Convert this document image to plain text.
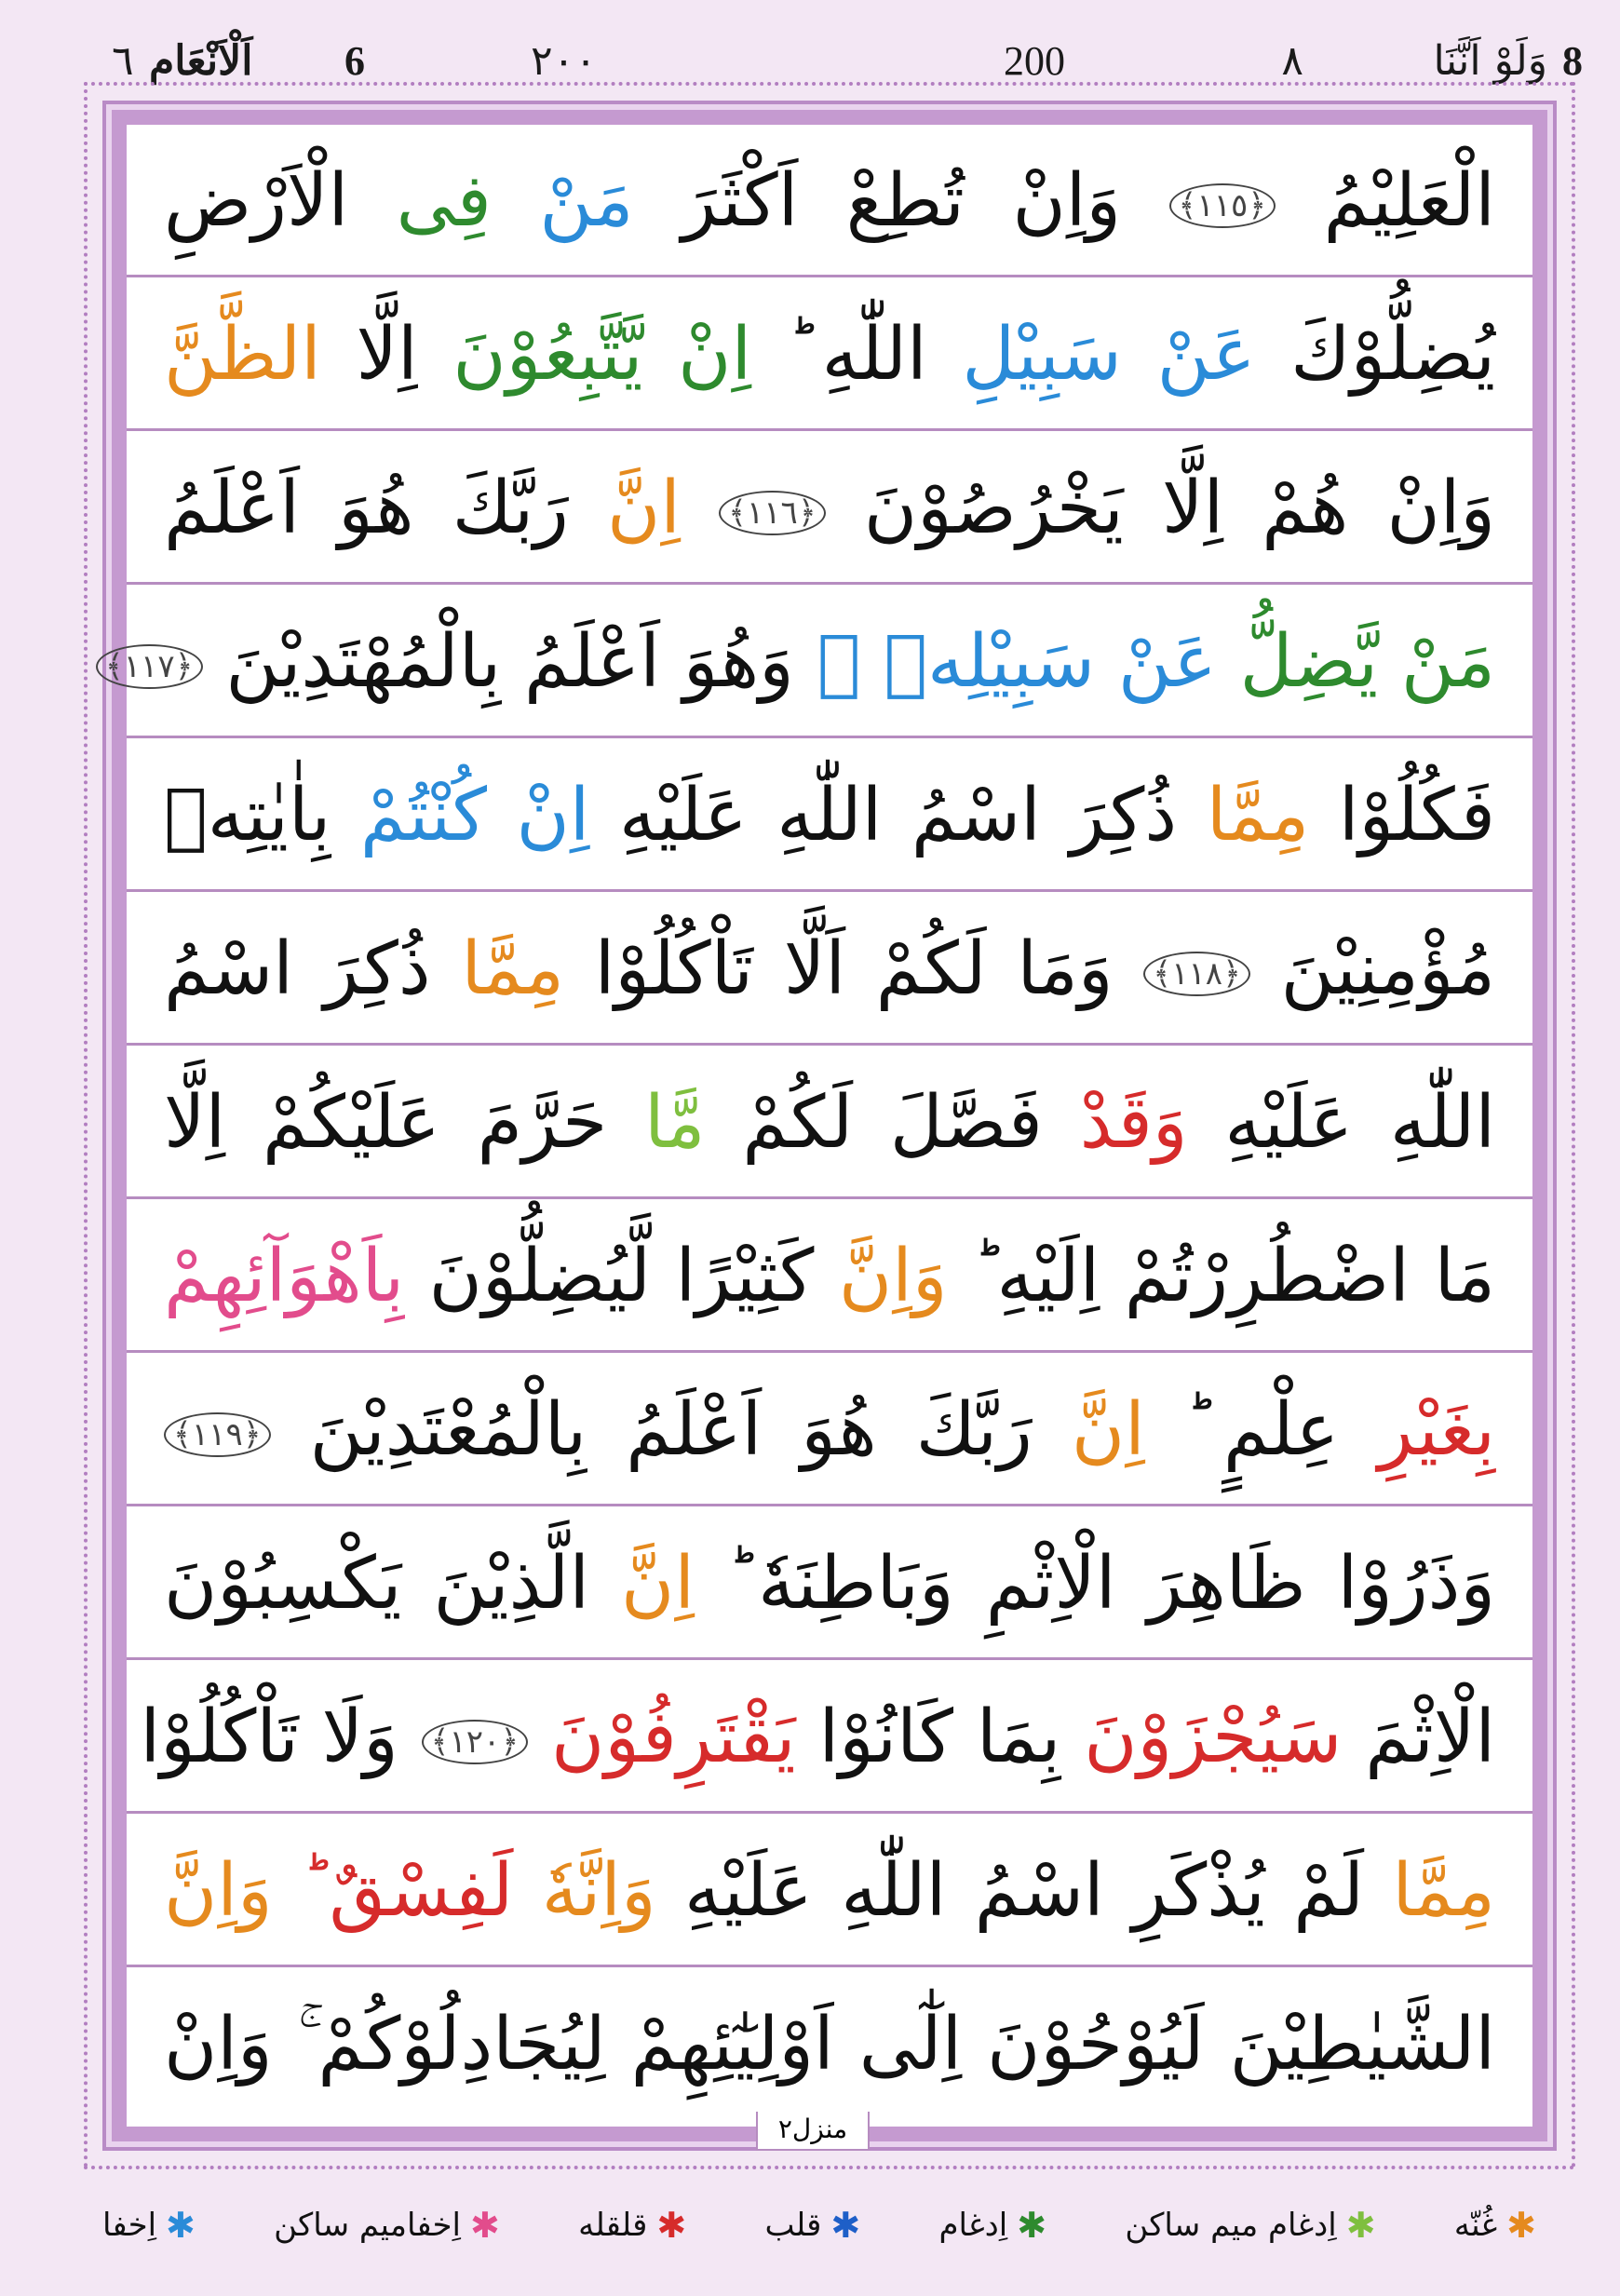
8
وَلَوْ اَنَّنَا
٨
200
٢٠٠
6
اَلْاَنْعَام
٦
الْعَلِيْمُ ﴿١١٥﴾ وَاِنْ تُطِعْ اَكْثَرَ مَنْ فِى الْاَرْضِ
يُضِلُّوْكَ عَنْ سَبِيْلِ اللّٰهِ ؕ اِنْ يَّتَّبِعُوْنَ اِلَّا الظَّنَّ
وَاِنْ هُمْ اِلَّا يَخْرُصُوْنَ ﴿١١٦﴾ اِنَّ رَبَّكَ هُوَ اَعْلَمُ
مَنْ يَّضِلُّ عَنْ سَبِيْلِهٖ ۚ وَهُوَ اَعْلَمُ بِالْمُهْتَدِيْنَ ﴿١١٧﴾
فَكُلُوْا مِمَّا ذُكِرَ اسْمُ اللّٰهِ عَلَيْهِ اِنْ كُنْتُمْ بِاٰيٰتِهٖ
مُؤْمِنِيْنَ ﴿١١٨﴾ وَمَا لَكُمْ اَلَّا تَاْكُلُوْا مِمَّا ذُكِرَ اسْمُ
اللّٰهِ عَلَيْهِ وَقَدْ فَصَّلَ لَكُمْ مَّا حَرَّمَ عَلَيْكُمْ اِلَّا
مَا اضْطُرِرْتُمْ اِلَيْهِ ؕ وَاِنَّ كَثِيْرًا لَّيُضِلُّوْنَ بِاَهْوَآئِهِمْ
بِغَيْرِ عِلْمٍ ؕ اِنَّ رَبَّكَ هُوَ اَعْلَمُ بِالْمُعْتَدِيْنَ ﴿١١٩﴾
وَذَرُوْا ظَاهِرَ الْاِثْمِ وَبَاطِنَهٗ ؕ اِنَّ الَّذِيْنَ يَكْسِبُوْنَ
الْاِثْمَ سَيُجْزَوْنَ بِمَا كَانُوْا يَقْتَرِفُوْنَ ﴿١٢٠﴾ وَلَا تَاْكُلُوْا
مِمَّا لَمْ يُذْكَرِ اسْمُ اللّٰهِ عَلَيْهِ وَاِنَّهٗ لَفِسْقٌ ؕ وَاِنَّ
الشَّيٰطِيْنَ لَيُوْحُوْنَ اِلٰٓى اَوْلِيٰٓئِهِمْ لِيُجَادِلُوْكُمْ ۚ وَاِنْ
منزل٢
✱
اِخفا	✱
اِخفامیم ساکن	✱
قلقله	✱
قلب	✱
اِدغام	✱
اِدغام میم ساکن	✱
غُنّه
